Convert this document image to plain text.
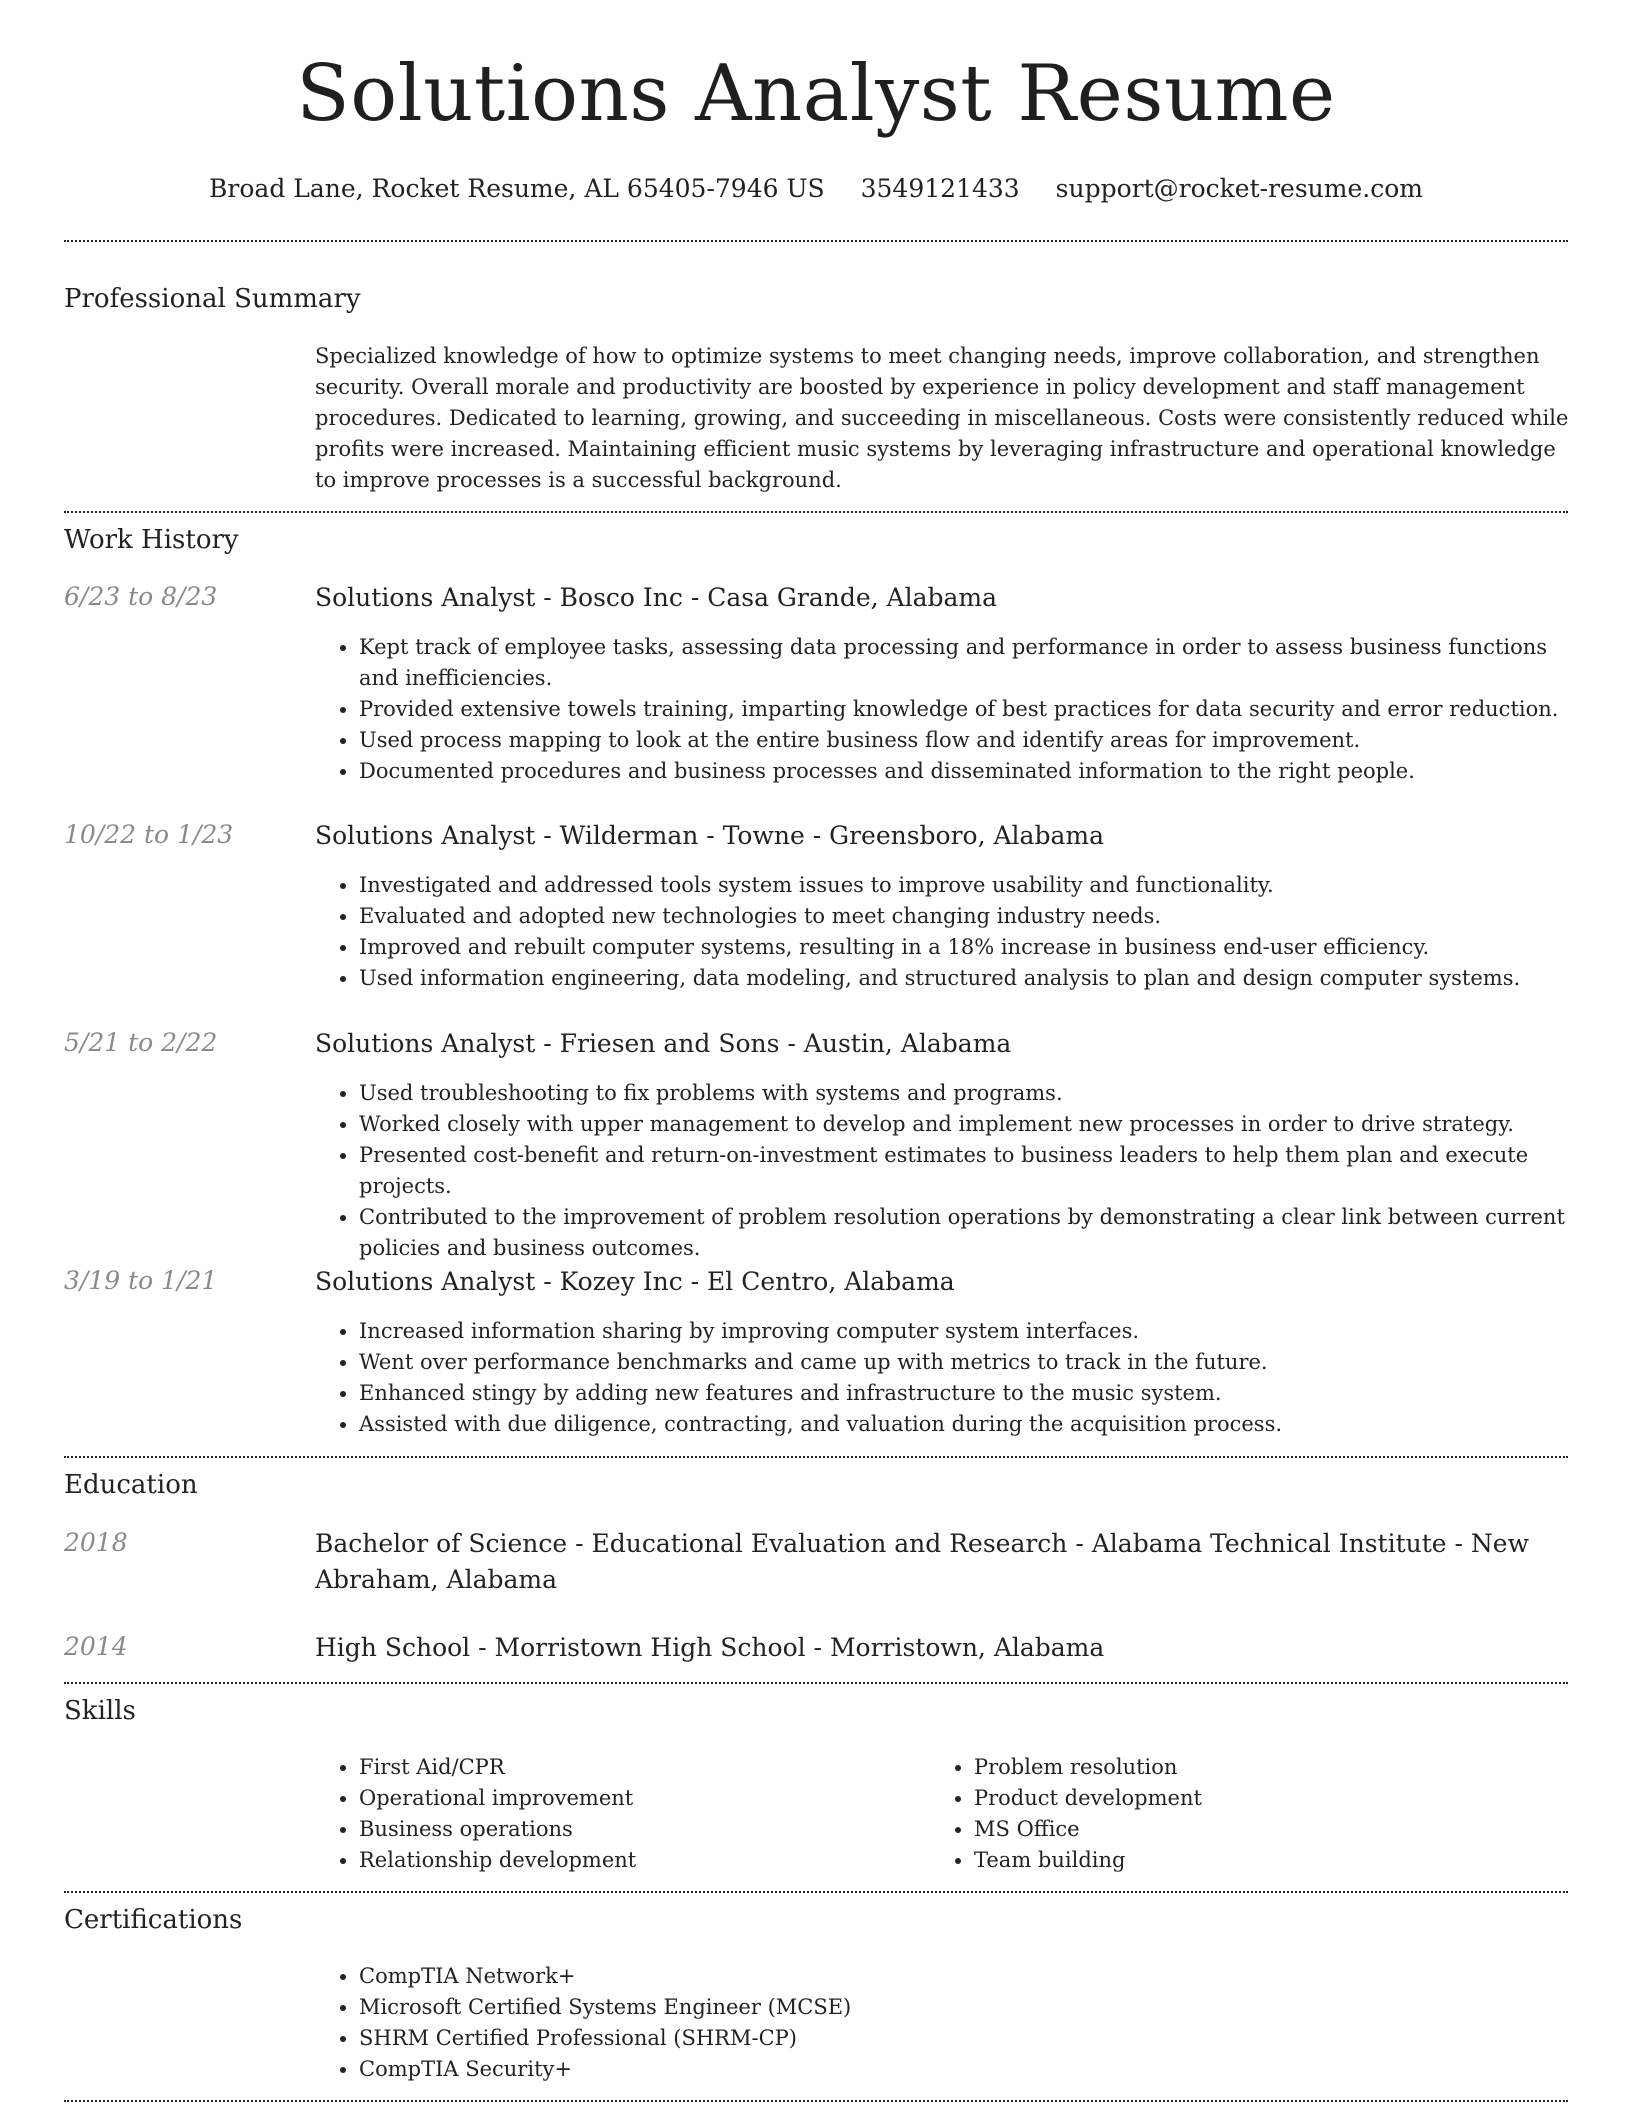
Solutions Analyst Resume
Broad Lane, Rocket Resume, AL 65405-7946 US 3549121433 support@rocket-resume.com
Professional Summary
Specialized knowledge of how to optimize systems to meet changing needs, improve collaboration, and strengthen security. Overall morale and productivity are boosted by experience in policy development and staff management procedures. Dedicated to learning, growing, and succeeding in miscellaneous. Costs were consistently reduced while profits were increased. Maintaining efficient music systems by leveraging infrastructure and operational knowledge to improve processes is a successful background.
Work History
6/23 to 8/23	Solutions Analyst - Bosco Inc - Casa Grande, Alabama
• Kept track of employee tasks, assessing data processing and performance in order to assess business functions and inefficiencies.
• Provided extensive towels training, imparting knowledge of best practices for data security and error reduction.
• Used process mapping to look at the entire business flow and identify areas for improvement.
• Documented procedures and business processes and disseminated information to the right people.
10/22 to 1/23	Solutions Analyst - Wilderman - Towne - Greensboro, Alabama
• Investigated and addressed tools system issues to improve usability and functionality.
• Evaluated and adopted new technologies to meet changing industry needs.
• Improved and rebuilt computer systems, resulting in a 18% increase in business end-user efficiency.
• Used information engineering, data modeling, and structured analysis to plan and design computer systems.
5/21 to 2/22	Solutions Analyst - Friesen and Sons - Austin, Alabama
• Used troubleshooting to fix problems with systems and programs.
• Worked closely with upper management to develop and implement new processes in order to drive strategy.
• Presented cost-benefit and return-on-investment estimates to business leaders to help them plan and execute projects.
• Contributed to the improvement of problem resolution operations by demonstrating a clear link between current policies and business outcomes.
3/19 to 1/21	Solutions Analyst - Kozey Inc - El Centro, Alabama
• Increased information sharing by improving computer system interfaces.
• Went over performance benchmarks and came up with metrics to track in the future.
• Enhanced stingy by adding new features and infrastructure to the music system.
• Assisted with due diligence, contracting, and valuation during the acquisition process.
Education
2018	Bachelor of Science - Educational Evaluation and Research - Alabama Technical Institute - New Abraham, Alabama
2014	High School - Morristown High School - Morristown, Alabama
Skills
• First Aid/CPR
• Operational improvement
• Business operations
• Relationship development
• Problem resolution
• Product development
• MS Office
• Team building
Certifications
• CompTIA Network+
• Microsoft Certified Systems Engineer (MCSE)
• SHRM Certified Professional (SHRM-CP)
• CompTIA Security+
